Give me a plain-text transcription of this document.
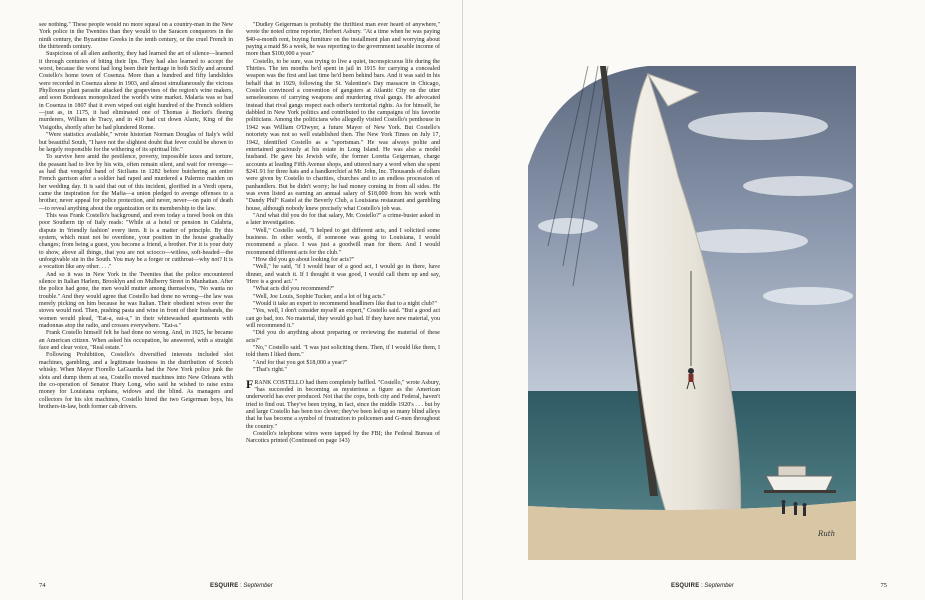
see nothing." These people would no more squeal on a country-man in the New York police in the Twenties than they would to the Saracen conquerors in the ninth century, the Byzantine Greeks in the tenth century, or the cruel French in the thirteenth century.

Suspicious of all alien authority, they had learned the art of silence—learned it through centuries of biting their lips. They had also learned to accept the worst, because the worst had long been their heritage in both Sicily and around Costello's home town of Cosenza. More than a hundred and fifty landslides were recorded in Cosenza alone in 1903, and almost simultaneously the vicious Phylloxera plant parasite attacked the grapevines of the region's wine makers, and soon Bordeaux monopolized the world's wine market. Malaria was so bad in Cosenza in 1807 that it even wiped out eight hundred of the French soldiers—just as, in 1175, it had eliminated one of Thomas à Becket's fleeing murderers, William de Tracy, and in 410 had cut down Alaric, King of the Visigoths, shortly after he had plundered Rome.

"Were statistics available," wrote historian Norman Douglas of Italy's wild but beautiful South, "I have not the slightest doubt that fever could be shown to be largely responsible for the withering of its spiritual life."

To survive here amid the pestilence, poverty, impossible taxes and torture, the peasant had to live by his wits, often remain silent, and wait for revenge—as had that vengeful band of Sicilians in 1282 before butchering an entire French garrison after a soldier had raped and murdered a Palermo maiden on her wedding day. It is said that out of this incident, glorified in a Verdi opera, came the inspiration for the Mafia—a union pledged to avenge offenses to a brother, never appeal for police protection, and never, never—on pain of death—to reveal anything about the organization or its membership to the law.

This was Frank Costello's background, and even today a travel book on this poor Southern tip of Italy reads: "While at a hotel or pension in Calabria, dispute in 'friendly fashion' every item. It is a matter of principle. By this system, which must not be overdone, your position in the house gradually changes; from being a guest, you become a friend, a brother. For it is your duty to show, above all things, that you are not sciocco—witless, soft-headed—the unforgivable sin in the South. You may be a forger or cutthroat—why not? It is a vocation like any other. . . ."

And so it was in New York in the Twenties that the police encountered silence in Italian Harlem, Brooklyn and on Mulberry Street in Manhattan. After the police had gone, the men would mutter among themselves, "No wanta no trouble." And they would agree that Costello had done no wrong—the law was merely picking on him because he was Italian. Their obedient wives over the stoves would nod. Then, pushing pasta and wine in front of their husbands, the women would plead, "Eat-a, eat-a," in their whitewashed apartments with madonnas atop the radio, and crosses everywhere. "Eat-a."

Frank Costello himself felt he had done no wrong. And, in 1925, he became an American citizen. When asked his occupation, he answered, with a straight face and clear voice, "Real estate."

Following Prohibition, Costello's diversified interests included slot machines, gambling, and a legitimate business in the distribution of Scotch whisky. When Mayor Fiorello LaGuardia had the New York police junk the slots and dump them at sea, Costello moved machines into New Orleans with the co-operation of Senator Huey Long, who said he wished to raise extra money for Louisiana orphans, widows and the blind. As managers and collectors for his slot machines, Costello hired the two Geigerman boys, his brothers-in-law, both former cab drivers.

"Dudley Geigerman is probably the thriftiest man ever heard of anywhere," wrote the noted crime reporter, Herbert Asbury. "At a time when he was paying $40-a-month rent, buying furniture on the installment plan and worrying about paying a maid $6 a week, he was reporting to the government taxable income of more than $100,000 a year."

Costello, to be sure, was trying to live a quiet, inconspicuous life during the Thirties. The ten months he'd spent in jail in 1915 for carrying a concealed weapon was the first and last time he'd been behind bars. And it was said in his behalf that in 1929, following the St. Valentine's Day massacre in Chicago, Costello convinced a convention of gangsters at Atlantic City on the utter senselessness of carrying weapons and murdering rival gangs. He advocated instead that rival gangs respect each other's territorial rights. As for himself, he dabbled in New York politics and contributed to the campaigns of his favorite politicians. Among the politicians who allegedly visited Costello's penthouse in 1942 was William O'Dwyer, a future Mayor of New York. But Costello's notoriety was not so well established then. The New York Times on July 17, 1942, identified Costello as a "sportsman." He was always polite and entertained graciously at his estate in Long Island. He was also a model husband. He gave his Jewish wife, the former Loretta Geigerman, charge accounts at leading Fifth Avenue shops, and uttered nary a word when she spent $241.91 for three hats and a handkerchief at Mr. John, Inc. Thousands of dollars were given by Costello to charities, churches and to an endless procession of panhandlers. But he didn't worry; he had money coming in from all sides. He was even listed as earning an annual salary of $18,000 from his work with "Dandy Phil" Kastel at the Beverly Club, a Louisiana restaurant and gambling house, although nobody knew precisely what Costello's job was.

"And what did you do for that salary, Mr. Costello?" a crime-buster asked in a later investigation.

"Well," Costello said, "I helped to get different acts, and I solicited some business. In other words, if someone was going to Louisiana, I would recommend a place. I was just a goodwill man for them. And I would recommend different acts for the club."

"How did you go about looking for acts?"

"Well," he said, "if I would hear of a good act, I would go in there, have dinner, and watch it. If I thought it was good, I would call them up and say, 'Here is a good act.' "

"What acts did you recommend?"

"Well, Joe Louis, Sophie Tucker, and a lot of big acts."

"Would it take an expert to recommend headliners like that to a night club?"

"Yes, well, I don't consider myself an expert," Costello said. "But a good act can go bad, too. No material, they would go bad. If they have new material, you will recommend it."

"Did you do anything about preparing or reviewing the material of these acts?"

"No," Costello said. "I was just soliciting them. Then, if I would like them, I told them I liked them."

"And for that you got $18,000 a year?"

"That's right."

FRANK COSTELLO had them completely baffled. "Costello," wrote Asbury, "has succeeded in becoming as mysterious a figure as the American underworld has ever produced. Not that the cops, both city and Federal, haven't tried to find out. They've been trying, in fact, since the middle 1920's . . . but by and large Costello has been too clever; they've been led up so many blind alleys that he has become a symbol of frustration to policemen and G-men throughout the country."

Costello's telephone wires were tapped by the FBI; the Federal Bureau of Narcotics printed (Continued on page 143)

74	ESQUIRE : September	75
ESQUIRE : September
Ruth
